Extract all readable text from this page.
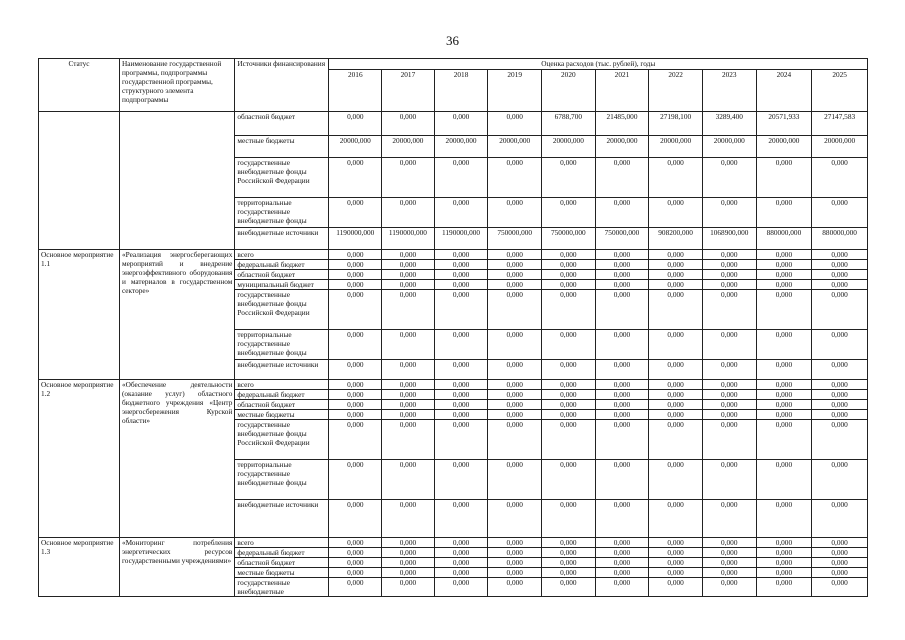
36
Статус	Наименование государственной программы, подпрограммы государственной программы, структурного элемента подпрограммы	Источники финансирования	Оценка расходов (тыс. рублей), годы									
			2016	2017	2018	2019	2020	2021	2022	2023	2024	2025
		областной бюджет	0,000	0,000	0,000	0,000	6788,700	21485,000	27198,100	3289,400	20571,933	27147,583
		местные бюджеты	20000,000	20000,000	20000,000	20000,000	20000,000	20000,000	20000,000	20000,000	20000,000	20000,000
		государственные внебюджетные фонды Российской Федерации	0,000	0,000	0,000	0,000	0,000	0,000	0,000	0,000	0,000	0,000
		территориальные государственные внебюджетные фонды	0,000	0,000	0,000	0,000	0,000	0,000	0,000	0,000	0,000	0,000
		внебюджетные источники	1190000,000	1190000,000	1190000,000	750000,000	750000,000	750000,000	908200,000	1068900,000	880000,000	880000,000
Основное мероприятие 1.1	«Реализация энергосберегающих мероприятий и внедрение энергоэффективного оборудования и материалов в государственном секторе»	всего	0,000	0,000	0,000	0,000	0,000	0,000	0,000	0,000	0,000	0,000
		федеральный бюджет	0,000	0,000	0,000	0,000	0,000	0,000	0,000	0,000	0,000	0,000
		областной бюджет	0,000	0,000	0,000	0,000	0,000	0,000	0,000	0,000	0,000	0,000
		муниципальный бюджет	0,000	0,000	0,000	0,000	0,000	0,000	0,000	0,000	0,000	0,000
		государственные внебюджетные фонды Российской Федерации	0,000	0,000	0,000	0,000	0,000	0,000	0,000	0,000	0,000	0,000
		территориальные государственные внебюджетные фонды	0,000	0,000	0,000	0,000	0,000	0,000	0,000	0,000	0,000	0,000
		внебюджетные источники	0,000	0,000	0,000	0,000	0,000	0,000	0,000	0,000	0,000	0,000
Основное мероприятие 1.2	«Обеспечение деятельности (оказание услуг) областного бюджетного учреждения «Центр энергосбережения Курской области»	всего	0,000	0,000	0,000	0,000	0,000	0,000	0,000	0,000	0,000	0,000
		федеральный бюджет	0,000	0,000	0,000	0,000	0,000	0,000	0,000	0,000	0,000	0,000
		областной бюджет	0,000	0,000	0,000	0,000	0,000	0,000	0,000	0,000	0,000	0,000
		местные бюджеты	0,000	0,000	0,000	0,000	0,000	0,000	0,000	0,000	0,000	0,000
		государственные внебюджетные фонды Российской Федерации	0,000	0,000	0,000	0,000	0,000	0,000	0,000	0,000	0,000	0,000
		территориальные государственные внебюджетные фонды	0,000	0,000	0,000	0,000	0,000	0,000	0,000	0,000	0,000	0,000
		внебюджетные источники	0,000	0,000	0,000	0,000	0,000	0,000	0,000	0,000	0,000	0,000
Основное мероприятие 1.3	«Мониторинг потребления энергетических ресурсов государственными учреждениями»	всего	0,000	0,000	0,000	0,000	0,000	0,000	0,000	0,000	0,000	0,000
		федеральный бюджет	0,000	0,000	0,000	0,000	0,000	0,000	0,000	0,000	0,000	0,000
		областной бюджет	0,000	0,000	0,000	0,000	0,000	0,000	0,000	0,000	0,000	0,000
		местные бюджеты	0,000	0,000	0,000	0,000	0,000	0,000	0,000	0,000	0,000	0,000
		государственные внебюджетные	0,000	0,000	0,000	0,000	0,000	0,000	0,000	0,000	0,000	0,000
